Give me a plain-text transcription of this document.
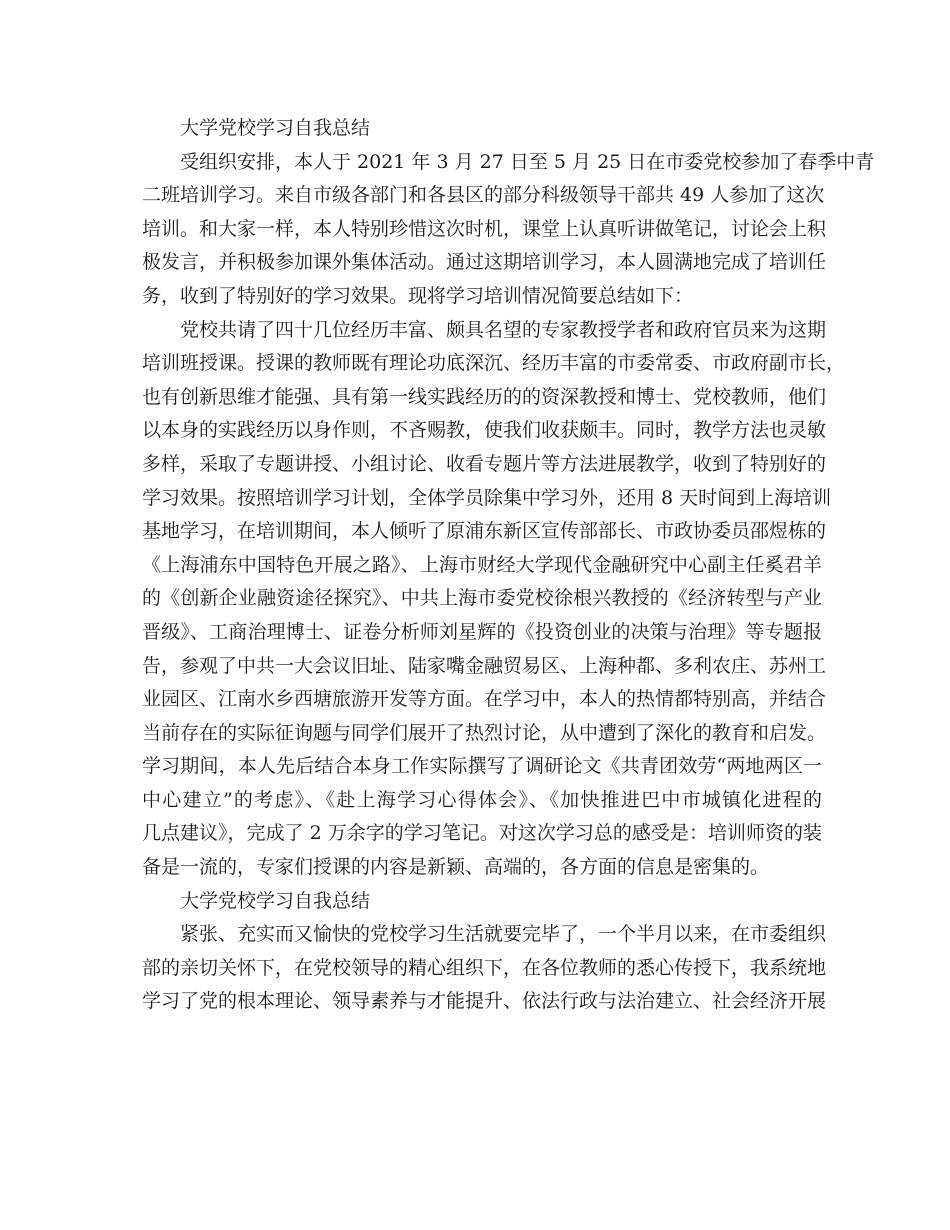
大学党校学习自我总结
受组织安排，本人于 2021 年 3 月 27 日至 5 月 25 日在市委党校参加了春季中青
二班培训学习。来自市级各部门和各县区的部分科级领导干部共 49 人参加了这次
培训。和大家一样，本人特别珍惜这次时机，课堂上认真听讲做笔记，讨论会上积
极发言，并积极参加课外集体活动。通过这期培训学习，本人圆满地完成了培训任
务，收到了特别好的学习效果。现将学习培训情况简要总结如下：
党校共请了四十几位经历丰富、颇具名望的专家教授学者和政府官员来为这期
培训班授课。授课的教师既有理论功底深沉、经历丰富的市委常委、市政府副市长，
也有创新思维才能强、具有第一线实践经历的的资深教授和博士、党校教师，他们
以本身的实践经历以身作则，不吝赐教，使我们收获颇丰。同时，教学方法也灵敏
多样，采取了专题讲授、小组讨论、收看专题片等方法进展教学，收到了特别好的
学习效果。按照培训学习计划，全体学员除集中学习外，还用 8 天时间到上海培训
基地学习，在培训期间，本人倾听了原浦东新区宣传部部长、市政协委员邵煜栋的
《上海浦东中国特色开展之路》、上海市财经大学现代金融研究中心副主任奚君羊
的《创新企业融资途径探究》、中共上海市委党校徐根兴教授的《经济转型与产业
晋级》、工商治理博士、证卷分析师刘星辉的《投资创业的决策与治理》等专题报
告，参观了中共一大会议旧址、陆家嘴金融贸易区、上海种都、多利农庄、苏州工
业园区、江南水乡西塘旅游开发等方面。在学习中，本人的热情都特别高，并结合
当前存在的实际征询题与同学们展开了热烈讨论，从中遭到了深化的教育和启发。
学习期间，本人先后结合本身工作实际撰写了调研论文《共青团效劳“两地两区一
中心建立”的考虑》、《赴上海学习心得体会》、《加快推进巴中市城镇化进程的
几点建议》，完成了 2 万余字的学习笔记。对这次学习总的感受是：培训师资的装
备是一流的，专家们授课的内容是新颖、高端的，各方面的信息是密集的。
大学党校学习自我总结
紧张、充实而又愉快的党校学习生活就要完毕了，一个半月以来，在市委组织
部的亲切关怀下，在党校领导的精心组织下，在各位教师的悉心传授下，我系统地
学习了党的根本理论、领导素养与才能提升、依法行政与法治建立、社会经济开展
